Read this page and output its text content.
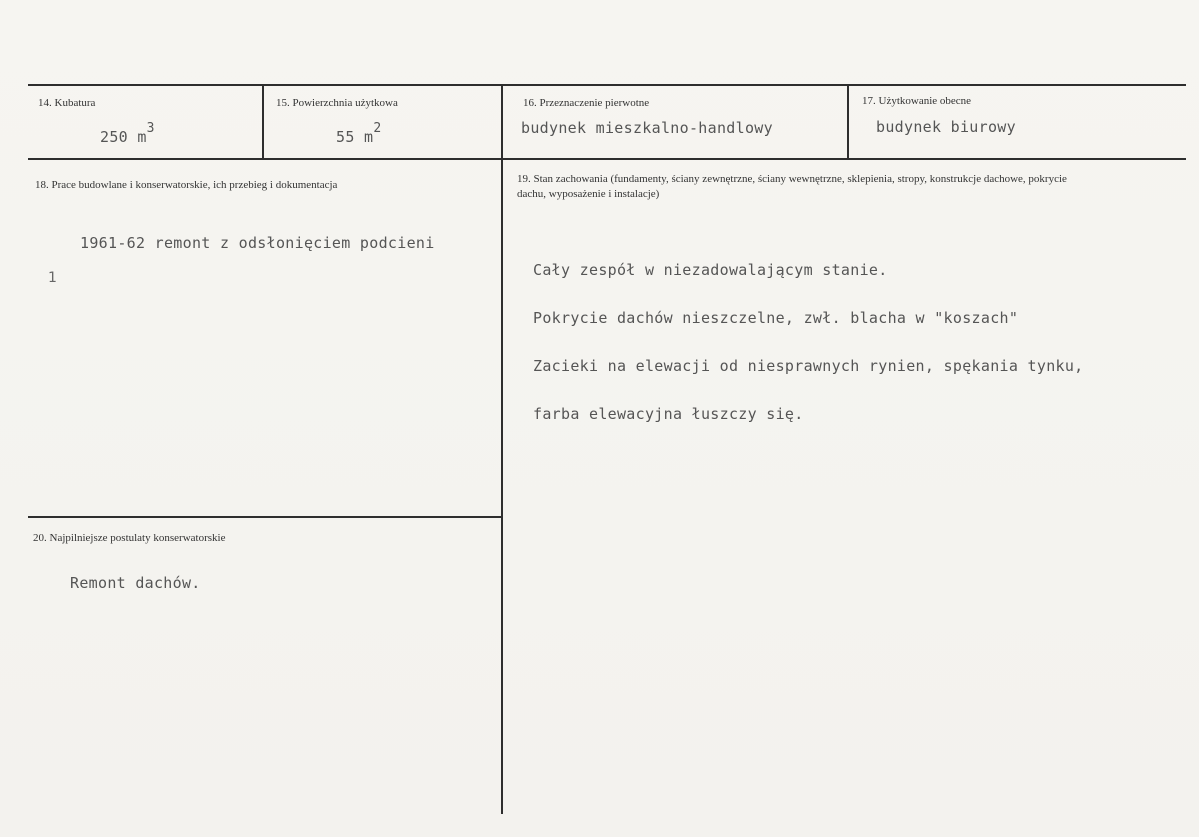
14. Kubatura
250 $m^3$
15. Powierzchnia użytkowa
55 $m^2$
16. Przeznaczenie pierwotne
budynek mieszkalno-handlowy
17. Użytkowanie obecne
budynek biurowy
18. Prace budowlane i konserwatorskie, ich przebieg i dokumentacja
1961-62 remont z odsłonięciem podcieni
1
19. Stan zachowania (fundamenty, ściany zewnętrzne, ściany wewnętrzne, sklepienia, stropy, konstrukcje dachowe, pokrycie dachu, wyposażenie i instalacje)

Cały zespół w niezadowalającym stanie.

Pokrycie dachów nieszczelne, zwł. blacha w "koszach"

Zacieki na elewacji od niesprawnych rynien, spękania tynku,

farba elewacyjna łuszczy się.

20. Najpilniejsze postulaty konserwatorskie
Remont dachów.
